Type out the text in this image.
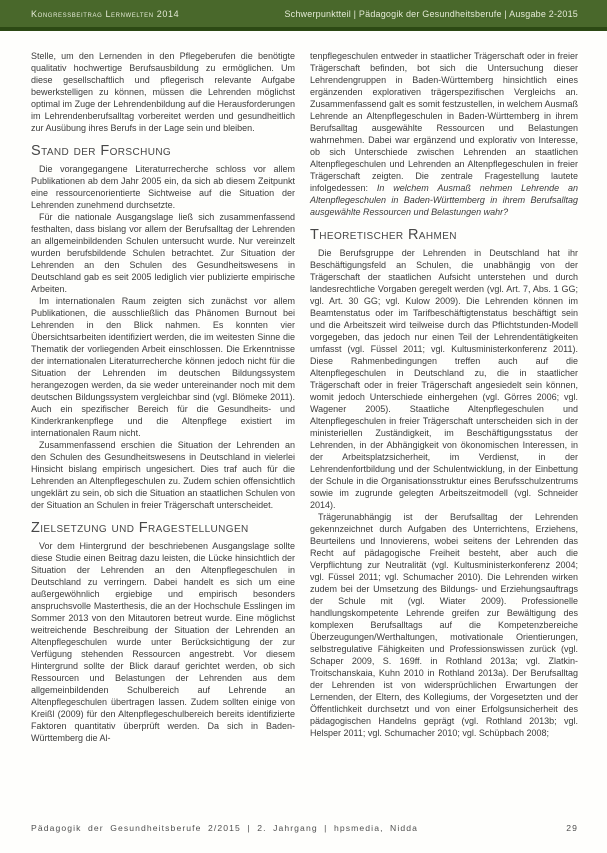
Kongressbeitrag Lernwelten 2014	Schwerpunktteil | Pädagogik der Gesundheitsberufe | Ausgabe 2-2015

Stelle, um den Lernenden in den Pflegeberufen die benötigte qualitativ hochwertige Berufsausbildung zu ermöglichen. Um diese gesellschaftlich und pflegerisch relevante Aufgabe bewerkstelligen zu können, müssen die Lehrenden möglichst optimal im Zuge der Lehrendenbildung auf die Herausforderungen im Lehrendenberufsalltag vorbereitet werden und gesundheitlich zur Ausübung ihres Berufs in der Lage sein und bleiben.

Stand der Forschung

Die vorangegangene Literaturrecherche schloss vor allem Publikationen ab dem Jahr 2005 ein, da sich ab diesem Zeitpunkt eine ressourcenorientierte Sichtweise auf die Situation der Lehrenden zunehmend durchsetzte.

Für die nationale Ausgangslage ließ sich zusammenfassend festhalten, dass bislang vor allem der Berufsalltag der Lehrenden an allgemeinbildenden Schulen untersucht wurde. Nur vereinzelt wurden berufsbildende Schulen betrachtet. Zur Situation der Lehrenden an den Schulen des Gesundheitswesens in Deutschland gab es seit 2005 lediglich vier publizierte empirische Arbeiten.

Im internationalen Raum zeigten sich zunächst vor allem Publikationen, die ausschließlich das Phänomen Burnout bei Lehrenden in den Blick nahmen. Es konnten vier Übersichtsarbeiten identifiziert werden, die im weitesten Sinne die Thematik der vorliegenden Arbeit einschlossen. Die Erkenntnisse der internationalen Literaturrecherche können jedoch nicht für die Situation der Lehrenden im deutschen Bildungssystem herangezogen werden, da sie weder untereinander noch mit dem deutschen Bildungssystem vergleichbar sind (vgl. Blömeke 2011). Auch ein spezifischer Bereich für die Gesundheits- und Kinderkrankenpflege und die Altenpflege existiert im internationalen Raum nicht.

Zusammenfassend erschien die Situation der Lehrenden an den Schulen des Gesundheitswesens in Deutschland in vielerlei Hinsicht bislang empirisch ungesichert. Dies traf auch für die Lehrenden an Altenpflegeschulen zu. Zudem schien offensichtlich ungeklärt zu sein, ob sich die Situation an staatlichen Schulen von der Situation an Schulen in freier Trägerschaft unterscheidet.

Zielsetzung und Fragestellungen

Vor dem Hintergrund der beschriebenen Ausgangslage sollte diese Studie einen Beitrag dazu leisten, die Lücke hinsichtlich der Situation der Lehrenden an den Altenpflegeschulen in Deutschland zu verringern. Dabei handelt es sich um eine außergewöhnlich ergiebige und empirisch besonders anspruchsvolle Masterthesis, die an der Hochschule Esslingen im Sommer 2013 von den Mitautoren betreut wurde. Eine möglichst weitreichende Beschreibung der Situation der Lehrenden an Altenpflegeschulen wurde unter Berücksichtigung der zur Verfügung stehenden Ressourcen angestrebt. Vor diesem Hintergrund sollte der Blick darauf gerichtet werden, ob sich Ressourcen und Belastungen der Lehrenden aus dem allgemeinbildenden Schulbereich auf Lehrende an Altenpflegeschulen übertragen lassen. Zudem sollten einige von Kreißl (2009) für den Altenpflegeschulbereich bereits identifizierte Faktoren quantitativ überprüft werden. Da sich in Baden-Württemberg die Al-

tenpflegeschulen entweder in staatlicher Trägerschaft oder in freier Trägerschaft befinden, bot sich die Untersuchung dieser Lehrendengruppen in Baden-Württemberg hinsichtlich eines ergänzenden explorativen trägerspezifischen Vergleichs an. Zusammenfassend galt es somit festzustellen, in welchem Ausmaß Lehrende an Altenpflegeschulen in Baden-Württemberg in ihrem Berufsalltag ausgewählte Ressourcen und Belastungen wahrnehmen. Dabei war ergänzend und explorativ von Interesse, ob sich Unterschiede zwischen Lehrenden an staatlichen Altenpflegeschulen und Lehrenden an Altenpflegeschulen in freier Trägerschaft zeigten. Die zentrale Fragestellung lautete infolgedessen: In welchem Ausmaß nehmen Lehrende an Altenpflegeschulen in Baden-Württemberg in ihrem Berufsalltag ausgewählte Ressourcen und Belastungen wahr?

Theoretischer Rahmen

Die Berufsgruppe der Lehrenden in Deutschland hat ihr Beschäftigungsfeld an Schulen, die unabhängig von der Trägerschaft der staatlichen Aufsicht unterstehen und durch landesrechtliche Vorgaben geregelt werden (vgl. Art. 7, Abs. 1 GG; vgl. Art. 30 GG; vgl. Kulow 2009). Die Lehrenden können im Beamtenstatus oder im Tarifbeschäftigtenstatus beschäftigt sein und die Arbeitszeit wird teilweise durch das Pflichtstunden-Modell vorgegeben, das jedoch nur einen Teil der Lehrendentätigkeiten umfasst (vgl. Füssel 2011; vgl. Kultusministerkonferenz 2011). Diese Rahmenbedingungen treffen auch auf die Altenpflegeschulen in Deutschland zu, die in staatlicher Trägerschaft oder in freier Trägerschaft angesiedelt sein können, womit jedoch Unterschiede einhergehen (vgl. Görres 2006; vgl. Wagener 2005). Staatliche Altenpflegeschulen und Altenpflegeschulen in freier Trägerschaft unterscheiden sich in der ministeriellen Zuständigkeit, im Beschäftigungsstatus der Lehrenden, in der Abhängigkeit von ökonomischen Interessen, in der Arbeitsplatzsicherheit, im Verdienst, in der Lehrendenfortbildung und der Schulentwicklung, in der Einbettung der Schule in die Organisationsstruktur eines Berufsschulzentrums sowie im zugrunde gelegten Arbeitszeitmodell (vgl. Schneider 2014).

Trägerunabhängig ist der Berufsalltag der Lehrenden gekennzeichnet durch Aufgaben des Unterrichtens, Erziehens, Beurteilens und Innovierens, wobei seitens der Lehrenden das Recht auf pädagogische Freiheit besteht, aber auch die Verpflichtung zur Neutralität (vgl. Kultusministerkonferenz 2004; vgl. Füssel 2011; vgl. Schumacher 2010). Die Lehrenden wirken zudem bei der Umsetzung des Bildungs- und Erziehungsauftrags der Schule mit (vgl. Wiater 2009). Professionelle handlungskompetente Lehrende greifen zur Bewältigung des komplexen Berufsalltags auf die Kompetenzbereiche Überzeugungen/Werthaltungen, motivationale Orientierungen, selbstregulative Fähigkeiten und Professionswissen zurück (vgl. Schaper 2009, S. 169ff. in Rothland 2013a; vgl. Zlatkin-Troitschanskaia, Kuhn 2010 in Rothland 2013a). Der Berufsalltag der Lehrenden ist von widersprüchlichen Erwartungen der Lernenden, der Eltern, des Kollegiums, der Vorgesetzten und der Öffentlichkeit durchsetzt und von einer Erfolgsunsicherheit des pädagogischen Handelns geprägt (vgl. Rothland 2013b; vgl. Helsper 2011; vgl. Schumacher 2010; vgl. Schüpbach 2008;

Pädagogik der Gesundheitsberufe 2/2015 | 2. Jahrgang | hpsmedia, Nidda	29
